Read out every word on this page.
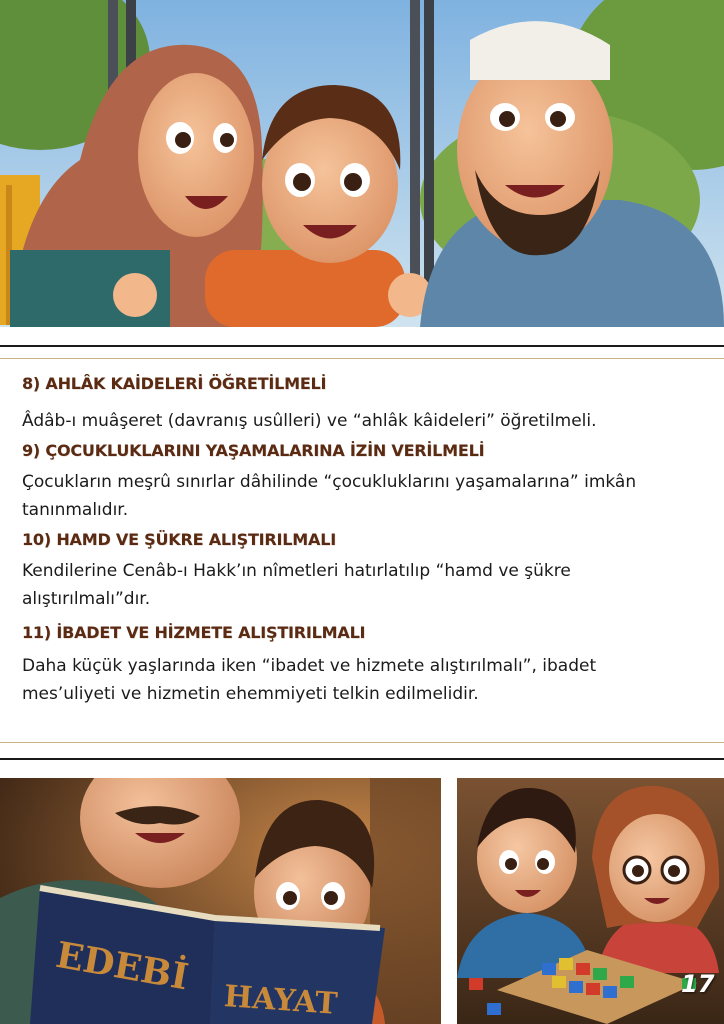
8) AHLÂK KAİDELERİ ÖĞRETİLMELİ

Âdâb-ı muâşeret (davranış usûlleri) ve “ahlâk kâideleri” öğretilmeli.

9) ÇOCUKLUKLARINI YAŞAMALARINA İZİN VERİLMELİ

Çocukların meşrû sınırlar dâhilinde “çocukluklarını yaşamalarına” imkân

tanınmalıdır.

10) HAMD VE ŞÜKRE ALIŞTIRILMALI

Kendilerine Cenâb-ı Hakk’ın nîmetleri hatırlatılıp “hamd ve şükre

alıştırılmalı”dır.

11) İBADET VE HİZMETE ALIŞTIRILMALI

Daha küçük yaşlarında iken “ibadet ve hizmete alıştırılmalı”, ibadet

mes’uliyeti ve hizmetin ehemmiyeti telkin edilmelidir.

EDEBİ
HAYAT	17
